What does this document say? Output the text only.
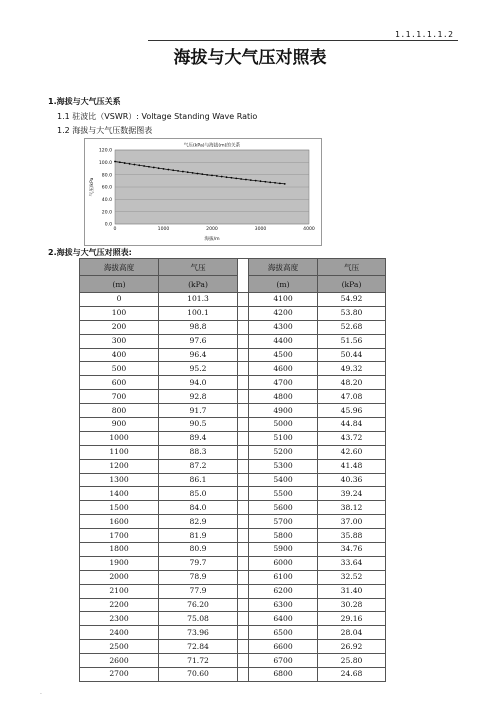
1.1.1.1.1.2
海拔与大气压对照表
1.海拔与大气压关系
1.1 驻波比（VSWR）: Voltage Standing Wave Ratio
1.2 海拔与大气压数据图表
0.0
20.0
40.0
60.0
80.0
100.0
120.0
0	1000	2000	3000	4000
气压(kPa)与海拔(m)的关系
海拔/m
气压/kPa
2.海拔与大气压对照表:
海拔高度	气压		海拔高度	气压
(m)	(kPa)		(m)	(kPa)
0	101.3		4100	54.92
100	100.1		4200	53.80
200	98.8		4300	52.68
300	97.6		4400	51.56
400	96.4		4500	50.44
500	95.2		4600	49.32
600	94.0		4700	48.20
700	92.8		4800	47.08
800	91.7		4900	45.96
900	90.5		5000	44.84
1000	89.4		5100	43.72
1100	88.3		5200	42.60
1200	87.2		5300	41.48
1300	86.1		5400	40.36
1400	85.0		5500	39.24
1500	84.0		5600	38.12
1600	82.9		5700	37.00
1700	81.9		5800	35.88
1800	80.9		5900	34.76
1900	79.7		6000	33.64
2000	78.9		6100	32.52
2100	77.9		6200	31.40
2200	76.20		6300	30.28
2300	75.08		6400	29.16
2400	73.96		6500	28.04
2500	72.84		6600	26.92
2600	71.72		6700	25.80
2700	70.60		6800	24.68
.
